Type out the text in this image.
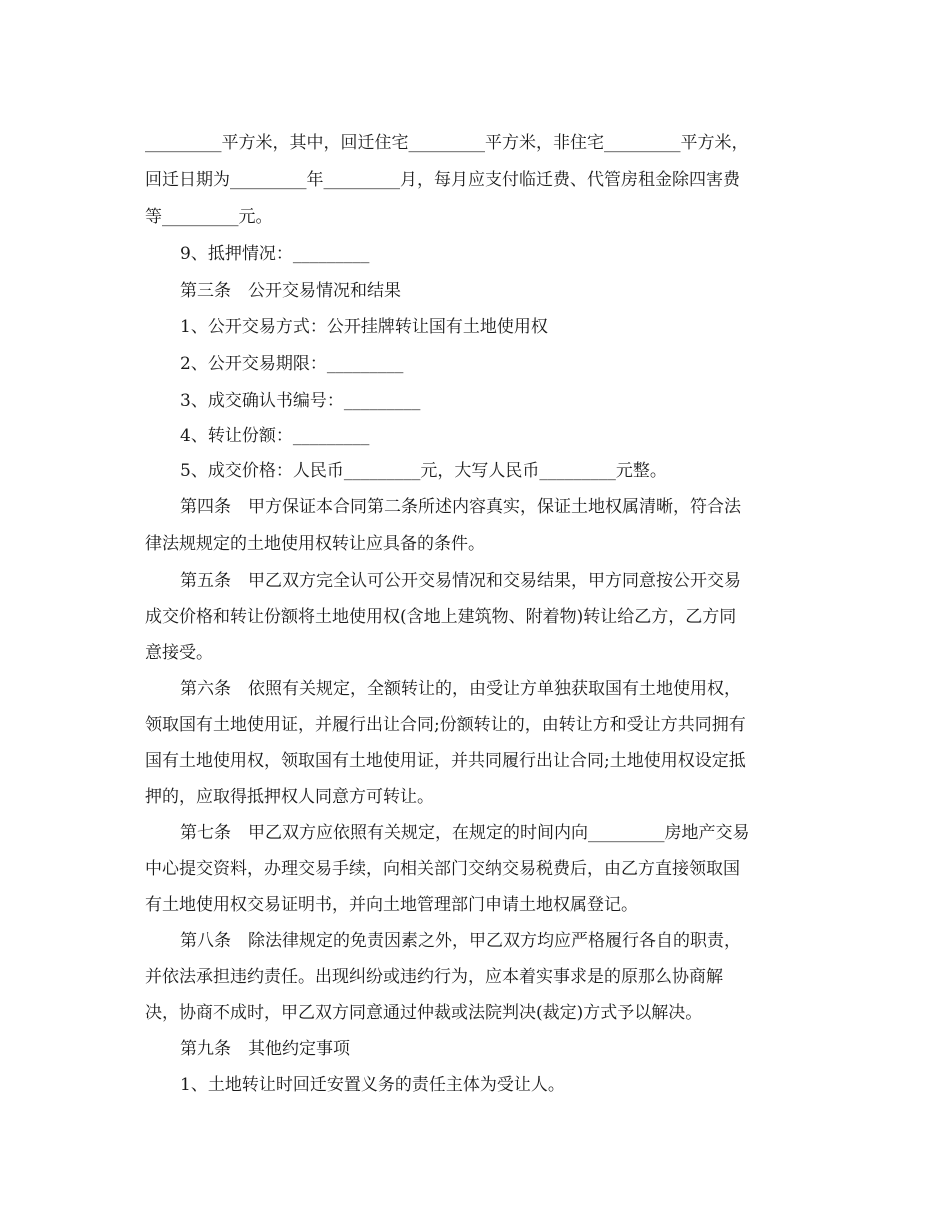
_________平方米，其中，回迁住宅_________平方米，非住宅_________平方米，
回迁日期为_________年_________月，每月应支付临迁费、代管房租金除四害费
等_________元。
9、抵押情况：_________
第三条　公开交易情况和结果
1、公开交易方式：公开挂牌转让国有土地使用权
2、公开交易期限：_________
3、成交确认书编号：_________
4、转让份额：_________
5、成交价格：人民币_________元，大写人民币_________元整。
第四条　甲方保证本合同第二条所述内容真实，保证土地权属清晰，符合法
律法规规定的土地使用权转让应具备的条件。
第五条　甲乙双方完全认可公开交易情况和交易结果，甲方同意按公开交易
成交价格和转让份额将土地使用权(含地上建筑物、附着物)转让给乙方，乙方同
意接受。
第六条　依照有关规定，全额转让的，由受让方单独获取国有土地使用权，
领取国有土地使用证，并履行出让合同;份额转让的，由转让方和受让方共同拥有
国有土地使用权，领取国有土地使用证，并共同履行出让合同;土地使用权设定抵
押的，应取得抵押权人同意方可转让。
第七条　甲乙双方应依照有关规定，在规定的时间内向_________房地产交易
中心提交资料，办理交易手续，向相关部门交纳交易税费后，由乙方直接领取国
有土地使用权交易证明书，并向土地管理部门申请土地权属登记。
第八条　除法律规定的免责因素之外，甲乙双方均应严格履行各自的职责，
并依法承担违约责任。出现纠纷或违约行为，应本着实事求是的原那么协商解
决，协商不成时，甲乙双方同意通过仲裁或法院判决(裁定)方式予以解决。
第九条　其他约定事项
1、土地转让时回迁安置义务的责任主体为受让人。
